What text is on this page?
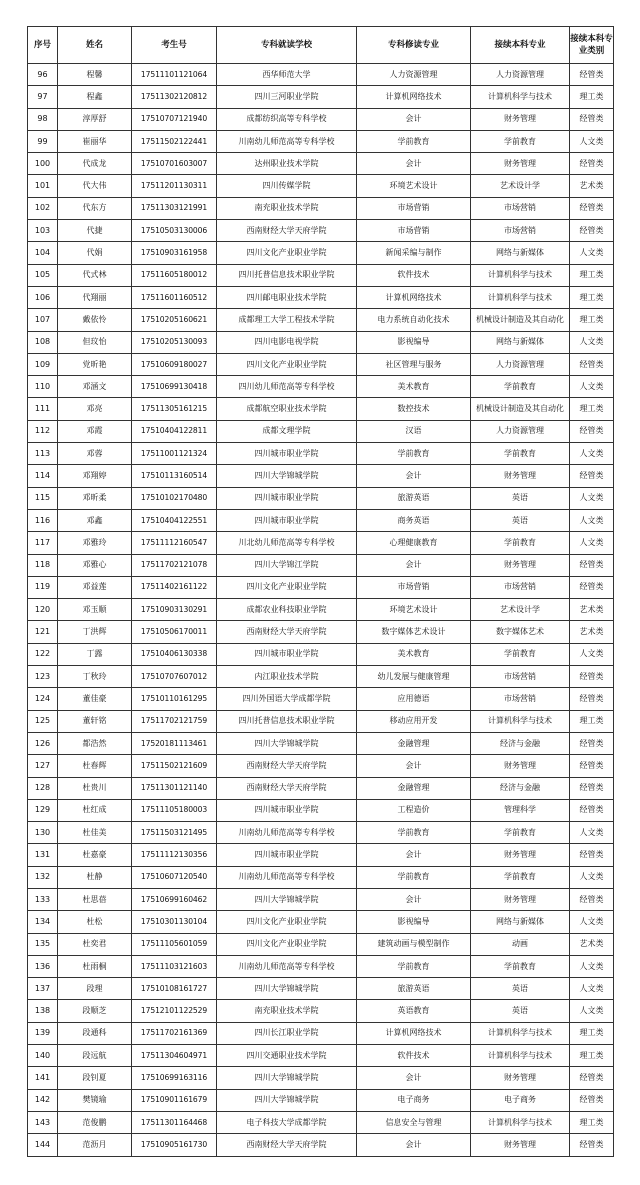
序号	姓名	考生号	专科就读学校	专科修读专业	接续本科专业	接续本科专业类别
96	程馨	17511101121064	西华师范大学	人力资源管理	人力资源管理	经管类
97	程鑫	17511302120812	四川三河职业学院	计算机网络技术	计算机科学与技术	理工类
98	淳厚舒	17510707121940	成都纺织高等专科学校	会计	财务管理	经管类
99	崔丽华	17511502122441	川南幼儿师范高等专科学校	学前教育	学前教育	人文类
100	代成龙	17510701603007	达州职业技术学院	会计	财务管理	经管类
101	代大伟	17511201130311	四川传媒学院	环境艺术设计	艺术设计学	艺术类
102	代东方	17511303121991	南充职业技术学院	市场营销	市场营销	经管类
103	代捷	17510503130006	西南财经大学天府学院	市场营销	市场营销	经管类
104	代娟	17510903161958	四川文化产业职业学院	新闻采编与制作	网络与新媒体	人文类
105	代式林	17511605180012	四川托普信息技术职业学院	软件技术	计算机科学与技术	理工类
106	代翔丽	17511601160512	四川邮电职业技术学院	计算机网络技术	计算机科学与技术	理工类
107	戴依怜	17510205160621	成都理工大学工程技术学院	电力系统自动化技术	机械设计制造及其自动化	理工类
108	但玟怡	17510205130093	四川电影电视学院	影视编导	网络与新媒体	人文类
109	党昕艳	17510609180027	四川文化产业职业学院	社区管理与服务	人力资源管理	经管类
110	邓涵文	17510699130418	四川幼儿师范高等专科学校	美术教育	学前教育	人文类
111	邓亮	17511305161215	成都航空职业技术学院	数控技术	机械设计制造及其自动化	理工类
112	邓霞	17510404122811	成都文理学院	汉语	人力资源管理	经管类
113	邓蓉	17511001121324	四川城市职业学院	学前教育	学前教育	人文类
114	邓翔婷	17510113160514	四川大学锦城学院	会计	财务管理	经管类
115	邓昕柔	17510102170480	四川城市职业学院	旅游英语	英语	人文类
116	邓鑫	17510404122551	四川城市职业学院	商务英语	英语	人文类
117	邓雅玲	17511112160547	川北幼儿师范高等专科学校	心理健康教育	学前教育	人文类
118	邓雅心	17511702121078	四川大学锦江学院	会计	财务管理	经管类
119	邓益莲	17511402161122	四川文化产业职业学院	市场营销	市场营销	经管类
120	邓玉顺	17510903130291	成都农业科技职业学院	环境艺术设计	艺术设计学	艺术类
121	丁洪辉	17510506170011	西南财经大学天府学院	数字媒体艺术设计	数字媒体艺术	艺术类
122	丁露	17510406130338	四川城市职业学院	美术教育	学前教育	人文类
123	丁秋玲	17510707607012	内江职业技术学院	幼儿发展与健康管理	市场营销	经管类
124	董佳豪	17510110161295	四川外国语大学成都学院	应用德语	市场营销	经管类
125	董轩铭	17511702121759	四川托普信息技术职业学院	移动应用开发	计算机科学与技术	理工类
126	都浩然	17520181113461	四川大学锦城学院	金融管理	经济与金融	经管类
127	杜春辉	17511502121609	西南财经大学天府学院	会计	财务管理	经管类
128	杜贵川	17511301121140	西南财经大学天府学院	金融管理	经济与金融	经管类
129	杜红成	17511105180003	四川城市职业学院	工程造价	管理科学	经管类
130	杜佳美	17511503121495	川南幼儿师范高等专科学校	学前教育	学前教育	人文类
131	杜嘉豪	17511112130356	四川城市职业学院	会计	财务管理	经管类
132	杜静	17510607120540	川南幼儿师范高等专科学校	学前教育	学前教育	人文类
133	杜思蓓	17510699160462	四川大学锦城学院	会计	财务管理	经管类
134	杜松	17510301130104	四川文化产业职业学院	影视编导	网络与新媒体	人文类
135	杜奕君	17511105601059	四川文化产业职业学院	建筑动画与模型制作	动画	艺术类
136	杜雨桐	17511103121603	川南幼儿师范高等专科学校	学前教育	学前教育	人文类
137	段理	17510108161727	四川大学锦城学院	旅游英语	英语	人文类
138	段顺芝	17512101122529	南充职业技术学院	英语教育	英语	人文类
139	段通科	17511702161369	四川长江职业学院	计算机网络技术	计算机科学与技术	理工类
140	段远航	17511304604971	四川交通职业技术学院	软件技术	计算机科学与技术	理工类
141	段钊夏	17510699163116	四川大学锦城学院	会计	财务管理	经管类
142	樊镜瑜	17510901161679	四川大学锦城学院	电子商务	电子商务	经管类
143	范俊鹏	17511301164468	电子科技大学成都学院	信息安全与管理	计算机科学与技术	理工类
144	范沥月	17510905161730	西南财经大学天府学院	会计	财务管理	经管类
